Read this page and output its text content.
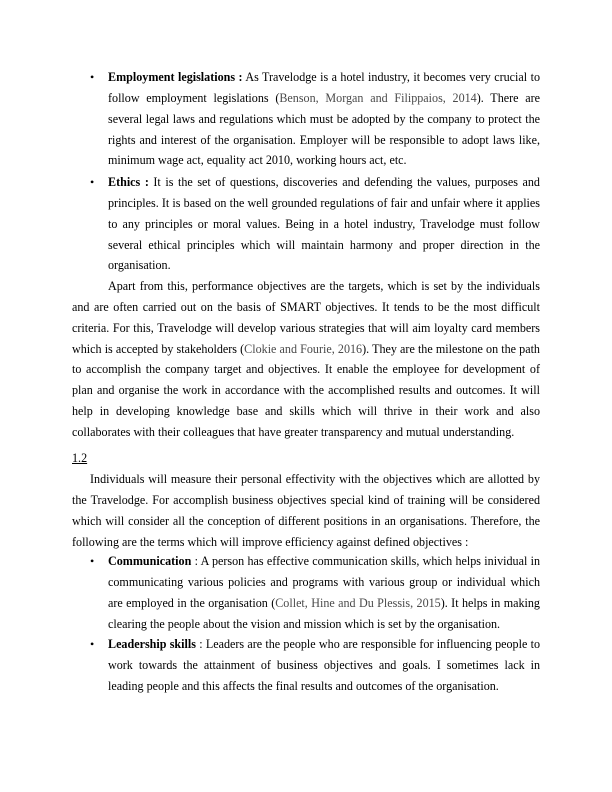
• Employment legislations : As Travelodge is a hotel industry, it becomes very crucial to follow employment legislations (Benson, Morgan and Filippaios, 2014). There are several legal laws and regulations which must be adopted by the company to protect the rights and interest of the organisation. Employer will be responsible to adopt laws like, minimum wage act, equality act 2010, working hours act, etc.

• Ethics : It is the set of questions, discoveries and defending the values, purposes and principles. It is based on the well grounded regulations of fair and unfair where it applies to any principles or moral values. Being in a hotel industry, Travelodge must follow several ethical principles which will maintain harmony and proper direction in the organisation.

Apart from this, performance objectives are the targets, which is set by the individuals and are often carried out on the basis of SMART objectives. It tends to be the most difficult criteria. For this, Travelodge will develop various strategies that will aim loyalty card members which is accepted by stakeholders (Clokie and Fourie, 2016). They are the milestone on the path to accomplish the company target and objectives. It enable the employee for development of plan and organise the work in accordance with the accomplished results and outcomes. It will help in developing knowledge base and skills which will thrive in their work and also collaborates with their colleagues that have greater transparency and mutual understanding.

1.2

Individuals will measure their personal effectivity with the objectives which are allotted by the Travelodge. For accomplish business objectives special kind of training will be considered which will consider all the conception of different positions in an organisations. Therefore, the following are the terms which will improve efficiency against defined objectives :

• Communication : A person has effective communication skills, which helps inividual in communicating various policies and programs with various group or individual which are employed in the organisation (Collet, Hine and Du Plessis, 2015). It helps in making clearing the people about the vision and mission which is set by the organisation.

• Leadership skills : Leaders are the people who are responsible for influencing people to work towards the attainment of business objectives and goals. I sometimes lack in leading people and this affects the final results and outcomes of the organisation.
